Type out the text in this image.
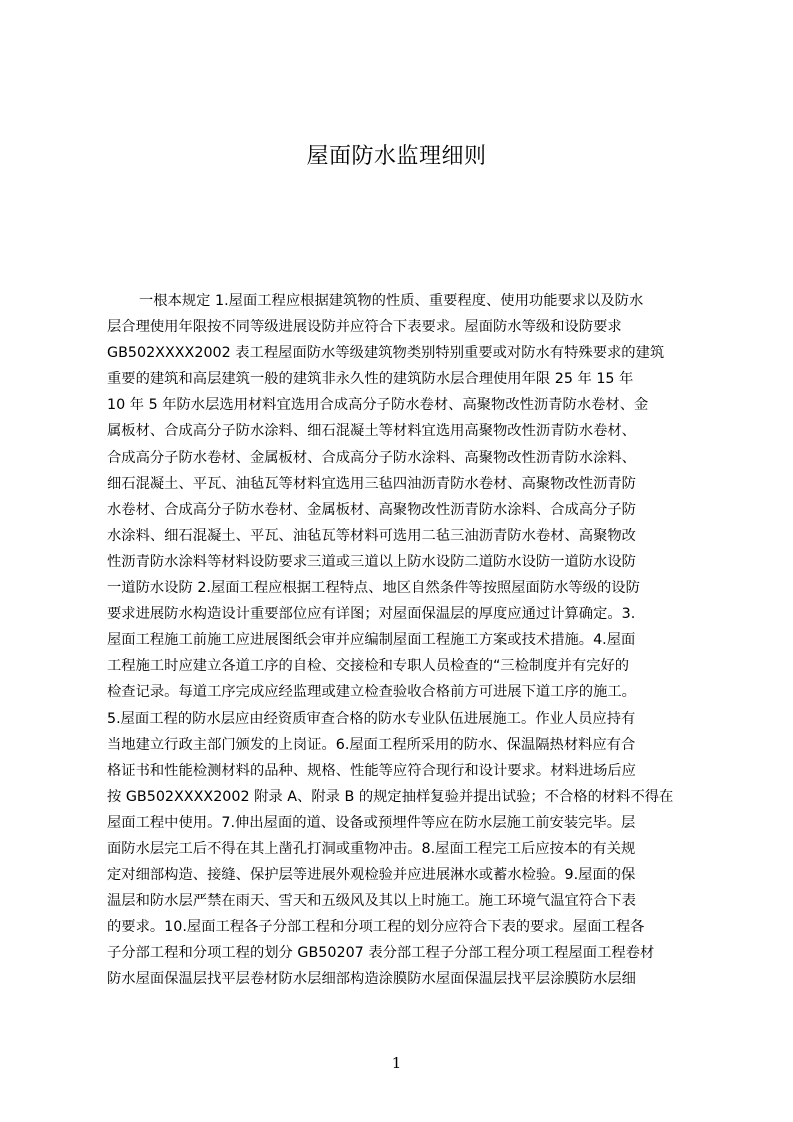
屋面防水监理细则
一根本规定 1.屋面工程应根据建筑物的性质、重要程度、使用功能要求以及防水
层合理使用年限按不同等级进展设防并应符合下表要求。屋面防水等级和设防要求
GB502XXXX2002 表工程屋面防水等级建筑物类别特别重要或对防水有特殊要求的建筑
重要的建筑和高层建筑一般的建筑非永久性的建筑防水层合理使用年限 25 年 15 年
10 年 5 年防水层选用材料宜选用合成高分子防水卷材、高聚物改性沥青防水卷材、金
属板材、合成高分子防水涂料、细石混凝土等材料宜选用高聚物改性沥青防水卷材、
合成高分子防水卷材、金属板材、合成高分子防水涂料、高聚物改性沥青防水涂料、
细石混凝土、平瓦、油毡瓦等材料宜选用三毡四油沥青防水卷材、高聚物改性沥青防
水卷材、合成高分子防水卷材、金属板材、高聚物改性沥青防水涂料、合成高分子防
水涂料、细石混凝土、平瓦、油毡瓦等材料可选用二毡三油沥青防水卷材、高聚物改
性沥青防水涂料等材料设防要求三道或三道以上防水设防二道防水设防一道防水设防
一道防水设防 2.屋面工程应根据工程特点、地区自然条件等按照屋面防水等级的设防
要求进展防水构造设计重要部位应有详图；对屋面保温层的厚度应通过计算确定。3.
屋面工程施工前施工应进展图纸会审并应编制屋面工程施工方案或技术措施。4.屋面
工程施工时应建立各道工序的自检、交接检和专职人员检查的“三检制度并有完好的
检查记录。每道工序完成应经监理或建立检查验收合格前方可进展下道工序的施工。
5.屋面工程的防水层应由经资质审查合格的防水专业队伍进展施工。作业人员应持有
当地建立行政主部门颁发的上岗证。6.屋面工程所采用的防水、保温隔热材料应有合
格证书和性能检测材料的品种、规格、性能等应符合现行和设计要求。材料进场后应
按 GB502XXXX2002 附录 A、附录 B 的规定抽样复验并提出试验；不合格的材料不得在
屋面工程中使用。7.伸出屋面的道、设备或预埋件等应在防水层施工前安装完毕。层
面防水层完工后不得在其上凿孔打洞或重物冲击。8.屋面工程完工后应按本的有关规
定对细部构造、接缝、保护层等进展外观检验并应进展淋水或蓄水检验。9.屋面的保
温层和防水层严禁在雨天、雪天和五级风及其以上时施工。施工环境气温宜符合下表
的要求。10.屋面工程各子分部工程和分项工程的划分应符合下表的要求。屋面工程各
子分部工程和分项工程的划分 GB50207 表分部工程子分部工程分项工程屋面工程卷材
防水屋面保温层找平层卷材防水层细部构造涂膜防水屋面保温层找平层涂膜防水层细
1
